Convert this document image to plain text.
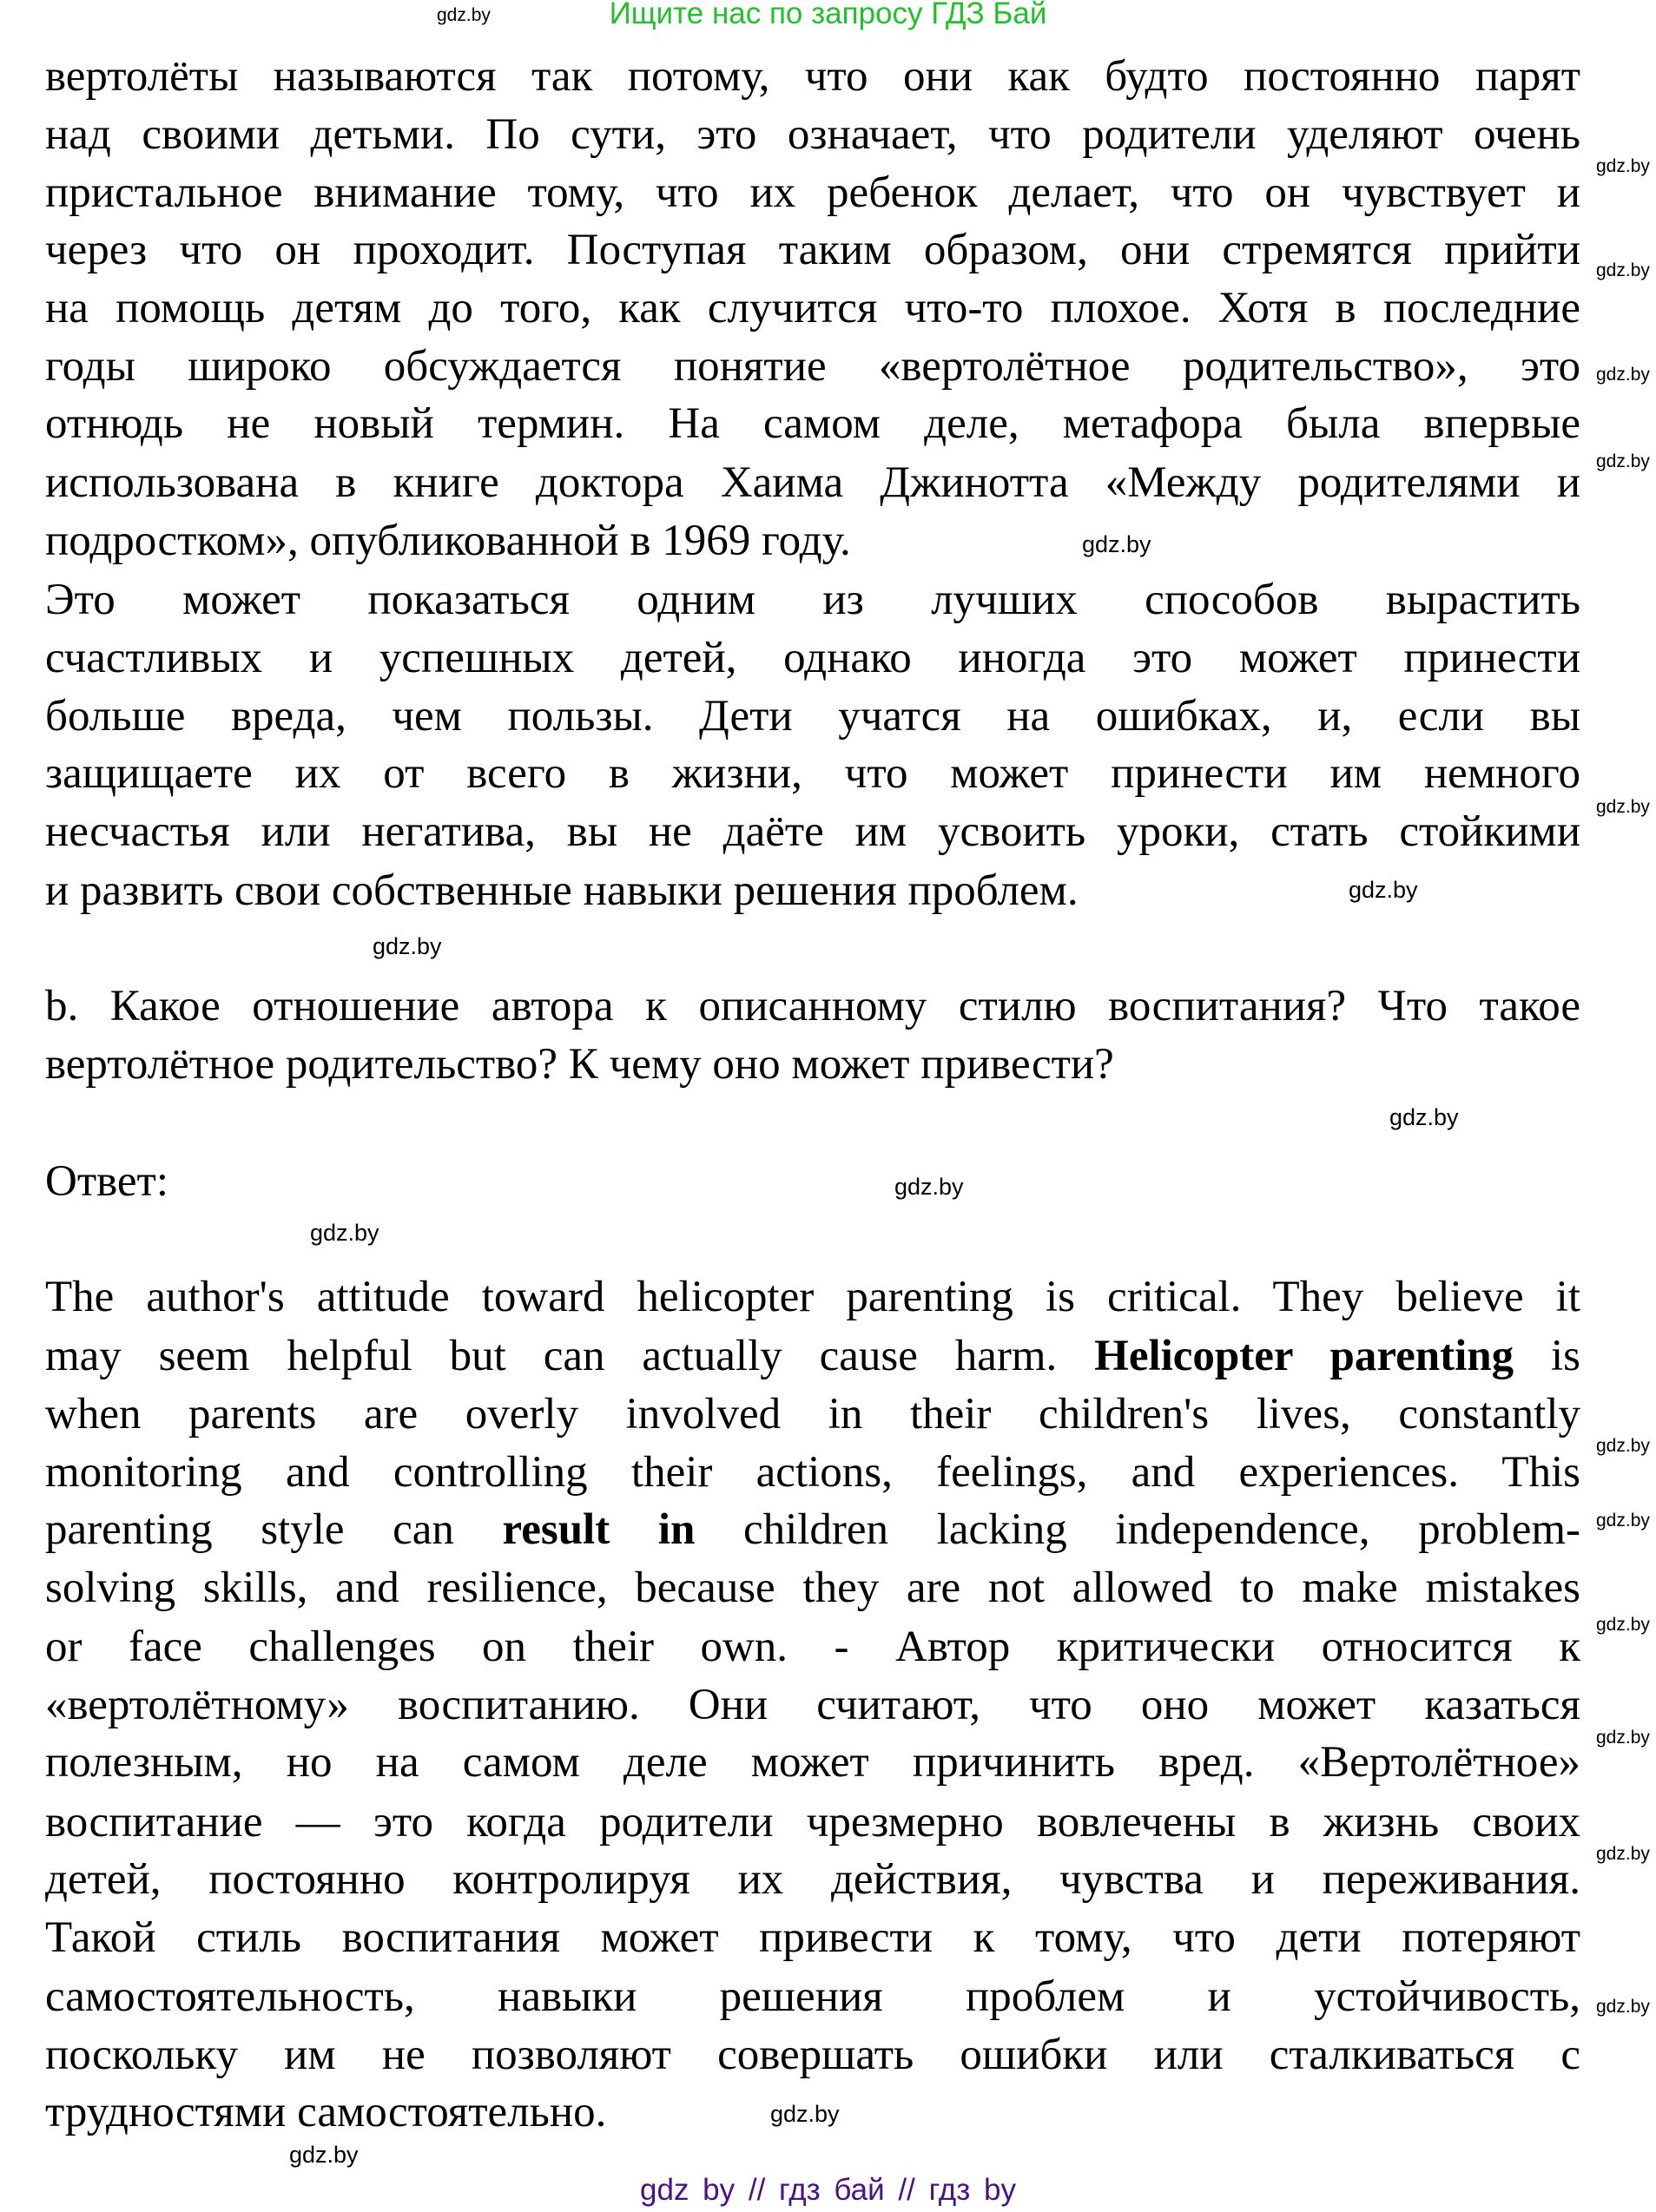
Ищите нас по запросу ГДЗ Бай
вертолёты называются так потому, что они как будто постоянно парят
над своими детьми. По сути, это означает, что родители уделяют очень
пристальное внимание тому, что их ребенок делает, что он чувствует и
через что он проходит. Поступая таким образом, они стремятся прийти
на помощь детям до того, как случится что-то плохое. Хотя в последние
годы широко обсуждается понятие «вертолётное родительство», это
отнюдь не новый термин. На самом деле, метафора была впервые
использована в книге доктора Хаима Джинотта «Между родителями и
подростком», опубликованной в 1969 году.
Это может показаться одним из лучших способов вырастить
счастливых и успешных детей, однако иногда это может принести
больше вреда, чем пользы. Дети учатся на ошибках, и, если вы
защищаете их от всего в жизни, что может принести им немного
несчастья или негатива, вы не даёте им усвоить уроки, стать стойкими
и развить свои собственные навыки решения проблем.
b. Какое отношение автора к описанному стилю воспитания? Что такое
вертолётное родительство? К чему оно может привести?
Ответ:
The author's attitude toward helicopter parenting is critical. They believe it
may seem helpful but can actually cause harm. Helicopter parenting is
when parents are overly involved in their children's lives, constantly
monitoring and controlling their actions, feelings, and experiences. This
parenting style can result in children lacking independence, problem-
solving skills, and resilience, because they are not allowed to make mistakes
or face challenges on their own. - Автор критически относится к
«вертолётному» воспитанию. Они считают, что оно может казаться
полезным, но на самом деле может причинить вред. «Вертолётное»
воспитание — это когда родители чрезмерно вовлечены в жизнь своих
детей, постоянно контролируя их действия, чувства и переживания.
Такой стиль воспитания может привести к тому, что дети потеряют
самостоятельность, навыки решения проблем и устойчивость,
поскольку им не позволяют совершать ошибки или сталкиваться с
трудностями самостоятельно.
gdz.by
gdz.by
gdz.by
gdz.by
gdz.by
gdz.by
gdz.by
gdz.by
gdz.by
gdz.by
gdz.by
gdz.by
gdz.by
gdz.by
gdz.by
gdz.by
gdz.by
gdz.by
gdz.by
gdz.by
gdz by // гдз бай // гдз by
